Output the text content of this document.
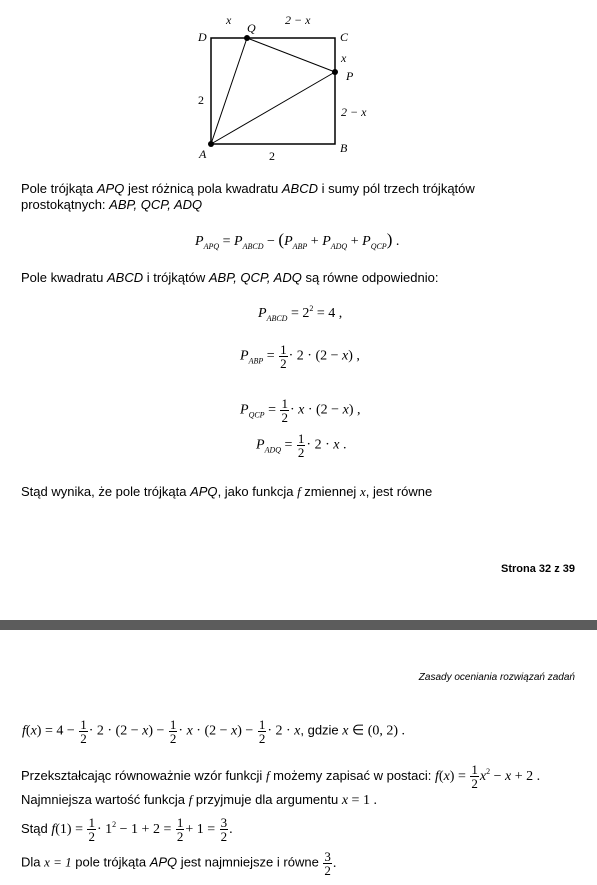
D	C
A	B
Q
P
x	2 − x
x
2 − x
2
2
Pole trójkąta APQ jest różnicą pola kwadratu ABCD i sumy pól trzech trójkątów
prostokątnych: ABP, QCP, ADQ
$P_{APQ} = P_{ABCD} - (P_{ABP} + P_{ADQ} + P_{QCP})$ .
Pole kwadratu ABCD i trójkątów ABP, QCP, ADQ są równe odpowiednio:
$P_{ABCD} = 2^2 = 4$ ,
$P_{ABP} = \frac{1}{2} \cdot 2 \cdot (2 - x)$ ,
$P_{QCP} = \frac{1}{2} \cdot x \cdot (2 - x)$ ,
$P_{ADQ} = \frac{1}{2} \cdot 2 \cdot x$ .
Stąd wynika, że pole trójkąta APQ, jako funkcja f zmiennej x, jest równe
Strona 32 z 39
Zasady oceniania rozwiązań zadań
$f(x) = 4 - \frac{1}{2} \cdot 2 \cdot (2 - x) - \frac{1}{2} \cdot x \cdot (2 - x) - \frac{1}{2} \cdot 2 \cdot x$, gdzie x ∈ (0, 2) .
Przekształcając równoważnie wzór funkcji f możemy zapisać w postaci: $f(x) = \frac{1}{2} x^2 - x + 2$ .
Najmniejsza wartość funkcja f przyjmuje dla argumentu x = 1 .
Stąd $f(1) = \frac{1}{2} \cdot 1^2 - 1 + 2 = \frac{1}{2} + 1 = \frac{3}{2}$ .
Dla x = 1 pole trójkąta APQ jest najmniejsze i równe $\frac{3}{2}$ .
